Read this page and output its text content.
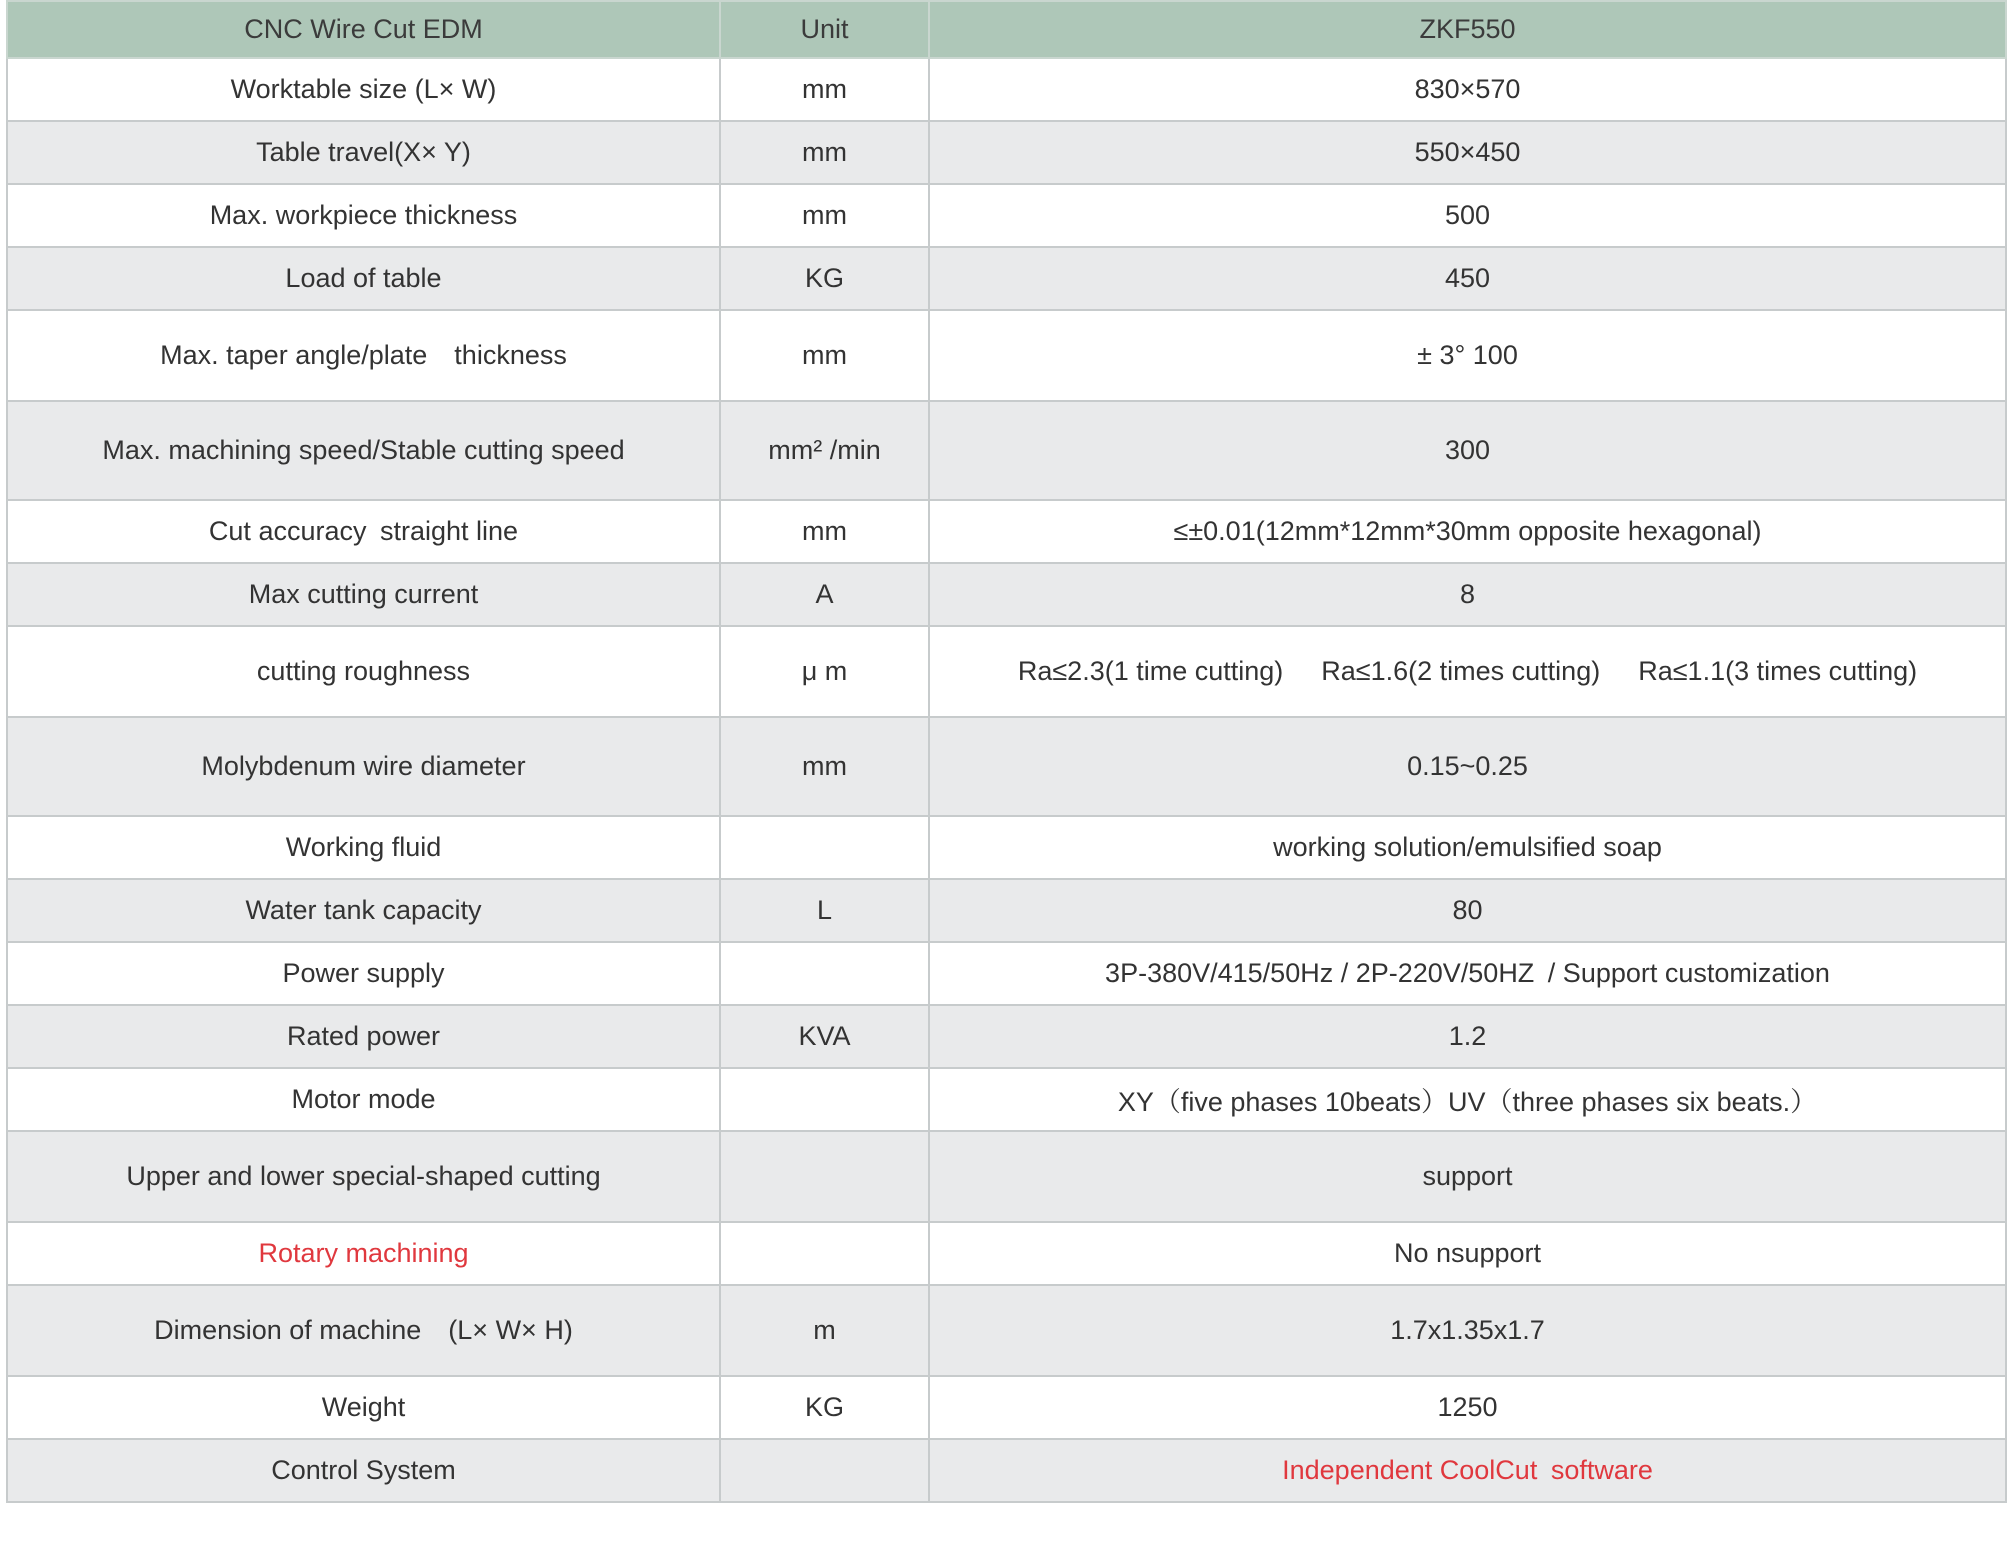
CNC Wire Cut EDM	Unit	ZKF550
Worktable size (L× W)	mm	830×570
Table travel(X× Y)	mm	550×450
Max. workpiece thickness	mm	500
Load of table	KG	450
Max. taper angle/plate thickness	mm	± 3° 100
Max. machining speed/Stable cutting speed	mm² /min	300
Cut accuracy straight line	mm	≤±0.01(12mm*12mm*30mm opposite hexagonal)
Max cutting current	A	8
cutting roughness	μ m	Ra≤2.3(1 time cutting) Ra≤1.6(2 times cutting) Ra≤1.1(3 times cutting)
Molybdenum wire diameter	mm	0.15~0.25
Working fluid		working solution/emulsified soap
Water tank capacity	L	80
Power supply		3P-380V/415/50Hz / 2P-220V/50HZ / Support customization
Rated power	KVA	1.2
Motor mode		XY（five phases 10beats）UV（three phases six beats.）
Upper and lower special-shaped cutting		support
Rotary machining		No nsupport
Dimension of machine (L× W× H)	m	1.7x1.35x1.7
Weight	KG	1250
Control System		Independent CoolCut software
